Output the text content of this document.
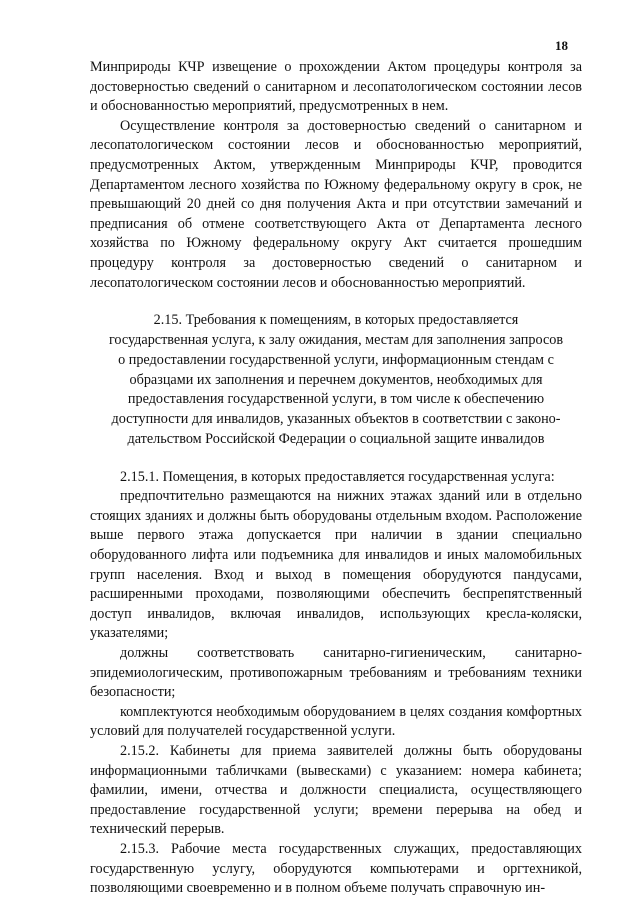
18

Минприроды КЧР извещение о прохождении Актом процедуры контроля за достоверностью сведений о санитарном и лесопатологическом состоянии лесов и обоснованностью мероприятий, предусмотренных в нем.

Осуществление контроля за достоверностью сведений о санитарном и лесопатологическом состоянии лесов и обоснованностью мероприятий, предусмотренных Актом, утвержденным Минприроды КЧР, проводится Департаментом лесного хозяйства по Южному федеральному округу в срок, не превышающий 20 дней со дня получения Акта и при отсутствии замечаний и предписания об отмене соответствующего Акта от Департамента лесного хозяйства по Южному федеральному округу Акт считается прошедшим процедуру контроля за достоверностью сведений о санитарном и лесопатологическом состоянии лесов и обоснованностью мероприятий.

2.15. Требования к помещениям, в которых предоставляется
государственная услуга, к залу ожидания, местам для заполнения запросов
о предоставлении государственной услуги, информационным стендам с
образцами их заполнения и перечнем документов, необходимых для
предоставления государственной услуги, в том числе к обеспечению
доступности для инвалидов, указанных объектов в соответствии с законо-
дательством Российской Федерации о социальной защите инвалидов

2.15.1. Помещения, в которых предоставляется государственная услуга:

предпочтительно размещаются на нижних этажах зданий или в отдельно стоящих зданиях и должны быть оборудованы отдельным входом. Расположение выше первого этажа допускается при наличии в здании специально оборудованного лифта или подъемника для инвалидов и иных маломобильных групп населения. Вход и выход в помещения оборудуются пандусами, расширенными проходами, позволяющими обеспечить беспрепятственный доступ инвалидов, включая инвалидов, использующих кресла-коляски, указателями;

должны соответствовать санитарно-гигиеническим, санитарно-эпидемиологическим, противопожарным требованиям и требованиям техники безопасности;

комплектуются необходимым оборудованием в целях создания комфортных условий для получателей государственной услуги.

2.15.2. Кабинеты для приема заявителей должны быть оборудованы информационными табличками (вывесками) с указанием: номера кабинета; фамилии, имени, отчества и должности специалиста, осуществляющего предоставление государственной услуги; времени перерыва на обед и технический перерыв.

2.15.3. Рабочие места государственных служащих, предоставляющих государственную услугу, оборудуются компьютерами и оргтехникой, позволяющими своевременно и в полном объеме получать справочную ин-
